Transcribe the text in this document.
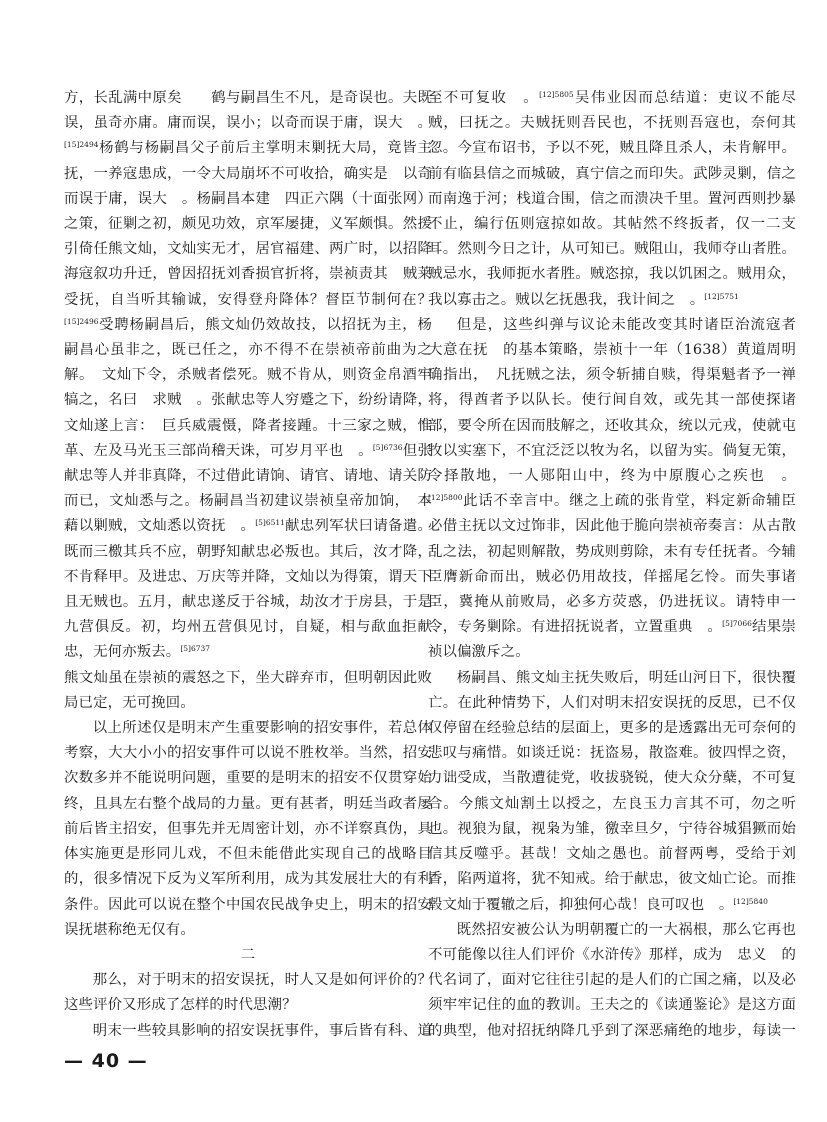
方，长乱满中原矣　　鹤与嗣昌生不凡，是奇误也。夫既误，虽奇亦庸。庸而误，误小；以奇而误于庸，误大　。$^{[15]2494}$杨鹤与杨嗣昌父子前后主掌明末剿抚大局，竟皆主抚，一养寇患成，一令大局崩坏不可收拾，确实是　以奇而误于庸，误大　。杨嗣昌本建　四正六隅（十面张网）之策，征剿之初，颇见功效，京军屡捷，义军颇惧。然援引倚任熊文灿，文灿实无才，居官福建、两广时，以招降海寇叙功升迁，曾因招抚刘香损官折将，崇祯责其　贼莱受抚，自当听其输诚，安得登舟降体？督臣节制何在？$^{[15]2496}$受聘杨嗣昌后，熊文灿仍效故技，以招抚为主，杨嗣昌心虽非之，既已任之，亦不得不在崇祯帝前曲为之解。　文灿下令，杀贼者偿死。贼不肯从，则资金帛酒牢犒之，名曰　求贼　。张献忠等人穷蹙之下，纷纷请降，文灿遂上言：　巨兵威震慑，降者接踵。十三家之贼，惟革、左及马光玉三部尚稽天诛，可岁月平也　。$^{[5]6736}$但张献忠等人并非真降，不过借此请饷、请官、请地、请关防而已，文灿悉与之。杨嗣昌当初建议崇祯皇帝加饷，　本藉以剿贼，文灿悉以资抚　。$^{[5]6511}$献忠列军状曰请备遣。既而三檄其兵不应，朝野知献忠必叛也。其后，汝才降，不肯释甲。及进忠、万庆等并降，文灿以为得策，谓天下且无贼也。五月，献忠遂反于谷城，劫汝才于房县，于是九营俱反。初，均州五营俱见讨，自疑，相与歃血拒献忠，无何亦叛去。$^{[5]6737}$

熊文灿虽在崇祯的震怒之下，坐大辟弃市，但明朝因此败局已定，无可挽回。

以上所述仅是明末产生重要影响的招安事件，若总体考察，大大小小的招安事件可以说不胜枚举。当然，招安次数多并不能说明问题，重要的是明末的招安不仅贯穿始终，且具左右整个战局的力量。更有甚者，明廷当政者屡前后皆主招安，但事先并无周密计划，亦不详察真伪，具体实施更是形同儿戏，不但未能借此实现自己的战略目的，很多情况下反为义军所利用，成为其发展壮大的有利条件。因此可以说在整个中国农民战争史上，明末的招安误抚堪称绝无仅有。

二

那么，对于明末的招安误抚，时人又是如何评价的？这些评价又形成了怎样的时代思潮？

明末一些较具影响的招安误抚事件，事后皆有科、道　　

至不可复收　。$^{[12]5805}$吴伟业因而总结道：吏议不能尽贼，曰抚之。夫贼抚则吾民也，不抚则吾寇也，奈何其忽。今宣布诏书，予以不死，贼且降且杀人，未肯解甲。前有临县信之而城破，真宁信之而印失。武陟灵剿，信之而南逸于河；栈道合围，信之而溃决千里。置河西则抄暴不止，编行伍则寇掠如故。其帖然不终扳者，仅一二支耳。然则今日之计，从可知已。贼阻山，我师夺山者胜。贼忌水，我师扼水者胜。贼恣掠，我以饥困之。贼用众，我以寡击之。贼以乞抚愚我，我计间之　。$^{[12]5751}$

但是，这些纠弹与议论未能改变其时诸臣治流寇者　大意在抚　的基本策略，崇祯十一年（1638）黄道周明确指出，　凡抚贼之法，须令斩捕自赎，得渠魁者予一禅将，得酋者予以队长。使行间自效，或先其一部使探诸部，要令所在因而肢解之，还收其众，统以元戎，使就屯牧以实塞下，不宜泛泛以牧为名，以留为实。倘复无策，令择散地，一人郧阳山中，终为中原腹心之疾也　。$^{[12]5800}$此话不幸言中。继之上疏的张肯堂，料定新命辅臣必借主抚以文过饰非，因此他于脆向崇祯帝奏言：从古散乱之法，初起则解散，势成则剪除，未有专任抚者。今辅臣膺新命而出，贼必仍用故技，佯摇尾乞怜。而失事诸臣，冀掩从前败局，必多方荧惑，仍进抚议。请特申一令，专务剿除。有进招抚说者，立置重典　。$^{[5]7066}$结果崇祯以偏激斥之。

杨嗣昌、熊文灿主抚失败后，明廷山河日下，很快覆亡。在此种情势下，人们对明末招安误抚的反思，已不仅仅停留在经验总结的层面上，更多的是透露出无可奈何的悲叹与痛惜。如谈迁说：抚盗易，散盗难。彼四悍之资，力诎受成，当散遭徒党，收拔骁锐，使大众分蘖，不可复合。今熊文灿割土以授之，左良玉力言其不可，勿之听也。视狼为鼠，视枭为雏，徼幸旦夕，宁待谷城猖獗而始信其反噬乎。甚哉！文灿之愚也。前督两粤，受给于刘香，陷两道将，犹不知戒。给于献忠，彼文灿亡论。而推毂文灿于覆辙之后，抑独何心哉！良可叹也　。$^{[12]5840}$

既然招安被公认为明朝覆亡的一大祸根，那么它再也不可能像以往人们评价《水浒传》那样，成为　忠义　的代名词了，面对它往往引起的是人们的亡国之痛，以及必须牢牢记住的血的教训。王夫之的《读通鉴论》是这方面的典型，他对招抚纳降几乎到了深恶痛绝的地步，每读一　　　

— 40 —
